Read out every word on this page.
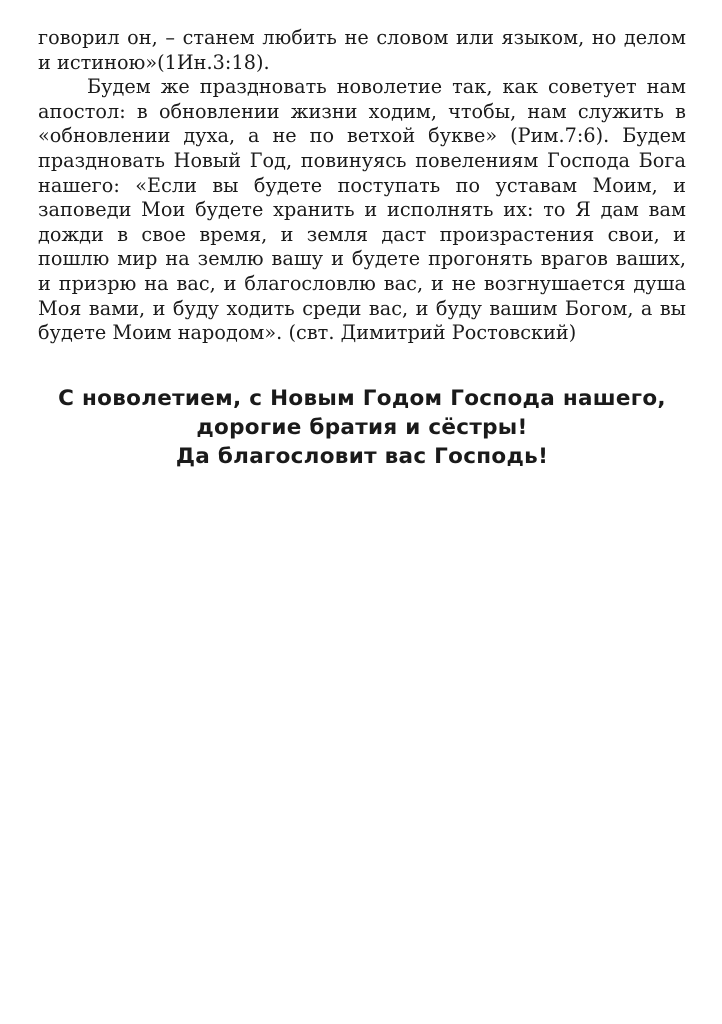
говорил он, – станем любить не словом или языком, но делом и истиною»(1Ин.3:18).

Будем же праздновать новолетие так, как советует нам апостол: в обновлении жизни ходим, чтобы, нам служить в «обновлении духа, а не по ветхой букве» (Рим.7:6). Будем праздновать Новый Год, повинуясь повелениям Господа Бога нашего: «Если вы будете поступать по уставам Моим, и заповеди Мои будете хранить и исполнять их: то Я дам вам дожди в свое время, и земля даст произрастения свои, и пошлю мир на землю вашу и будете прогонять врагов ваших, и призрю на вас, и благословлю вас, и не возгнушается душа Моя вами, и буду ходить среди вас, и буду вашим Богом, а вы будете Моим народом». (свт. Димитрий Ростовский)

С новолетием, с Новым Годом Господа нашего,
дорогие братия и сёстры!
Да благословит вас Господь!
